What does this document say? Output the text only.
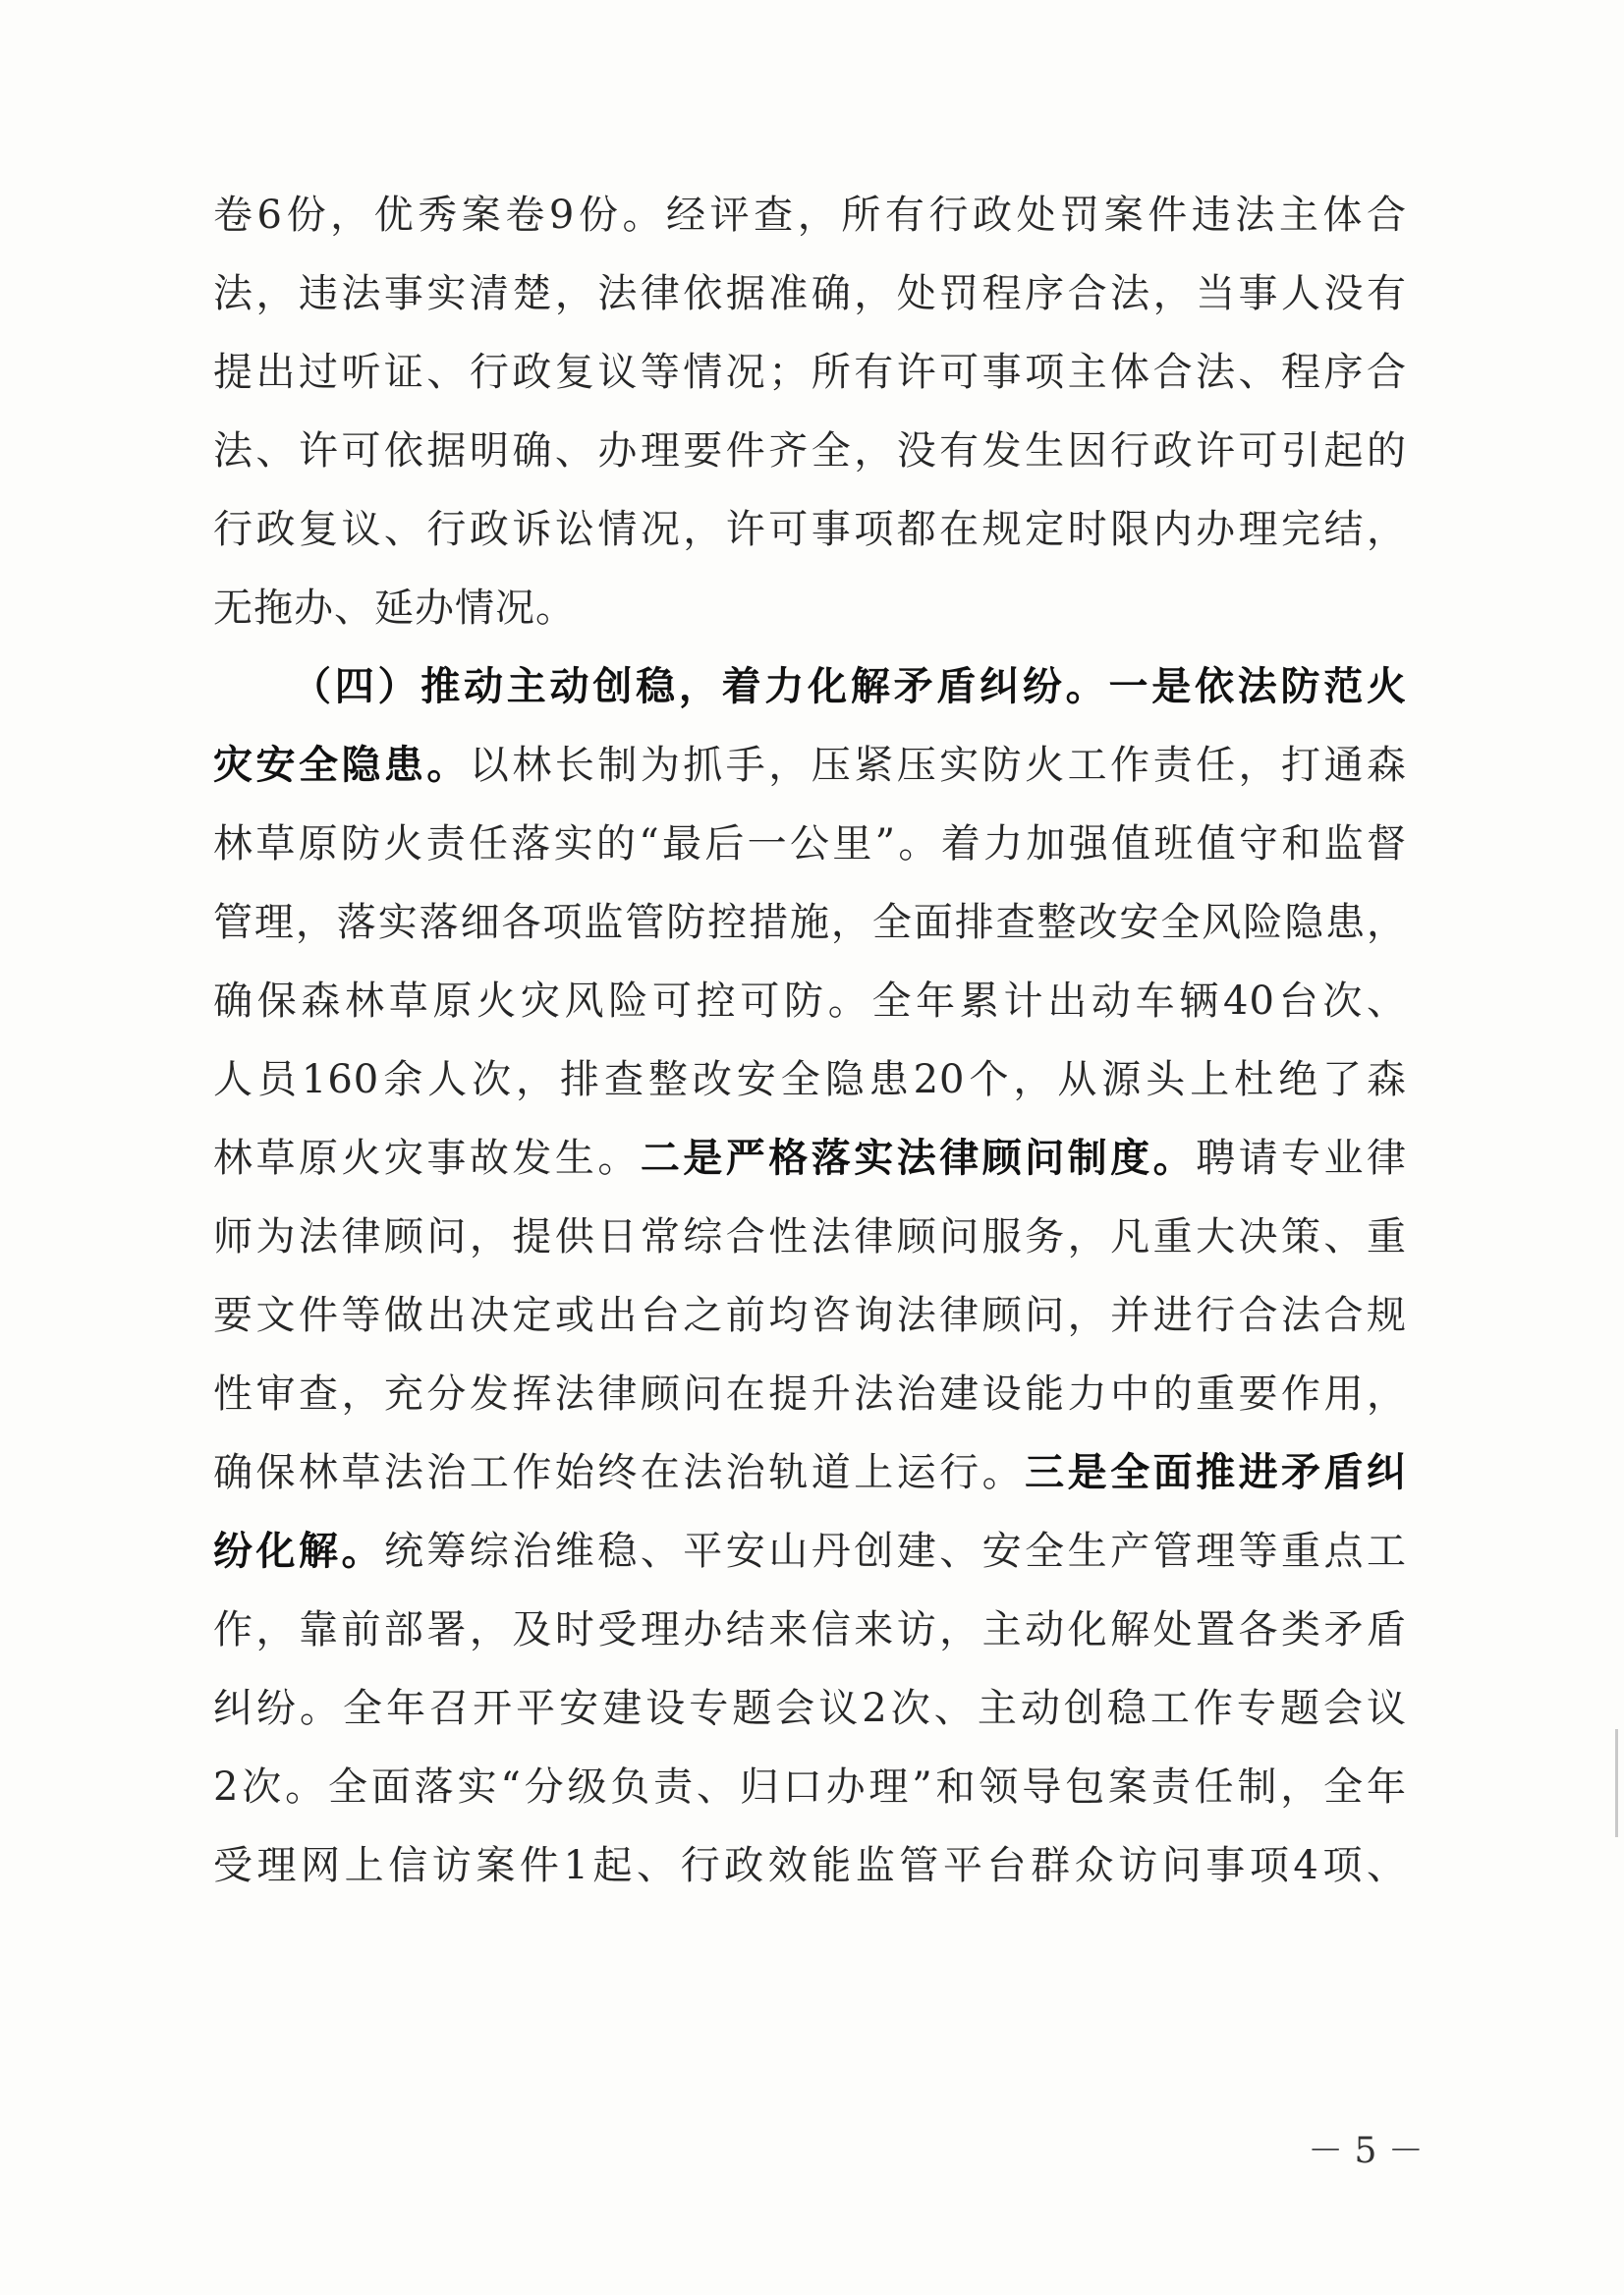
卷6份，优秀案卷9份。经评查，所有行政处罚案件违法主体合
法，违法事实清楚，法律依据准确，处罚程序合法，当事人没有
提出过听证、行政复议等情况；所有许可事项主体合法、程序合
法、许可依据明确、办理要件齐全，没有发生因行政许可引起的
行政复议、行政诉讼情况，许可事项都在规定时限内办理完结，
无拖办、延办情况。
（四）推动主动创稳，着力化解矛盾纠纷。一是依法防范火
灾安全隐患。以林长制为抓手，压紧压实防火工作责任，打通森
林草原防火责任落实的“最后一公里”。着力加强值班值守和监督
管理，落实落细各项监管防控措施，全面排查整改安全风险隐患，
确保森林草原火灾风险可控可防。全年累计出动车辆40台次、
人员160余人次，排查整改安全隐患20个，从源头上杜绝了森
林草原火灾事故发生。二是严格落实法律顾问制度。聘请专业律
师为法律顾问，提供日常综合性法律顾问服务，凡重大决策、重
要文件等做出决定或出台之前均咨询法律顾问，并进行合法合规
性审查，充分发挥法律顾问在提升法治建设能力中的重要作用，
确保林草法治工作始终在法治轨道上运行。三是全面推进矛盾纠
纷化解。统筹综治维稳、平安山丹创建、安全生产管理等重点工
作，靠前部署，及时受理办结来信来访，主动化解处置各类矛盾
纠纷。全年召开平安建设专题会议2次、主动创稳工作专题会议
2次。全面落实“分级负责、归口办理”和领导包案责任制，全年
受理网上信访案件1起、行政效能监管平台群众访问事项4项、
－ 5 －
